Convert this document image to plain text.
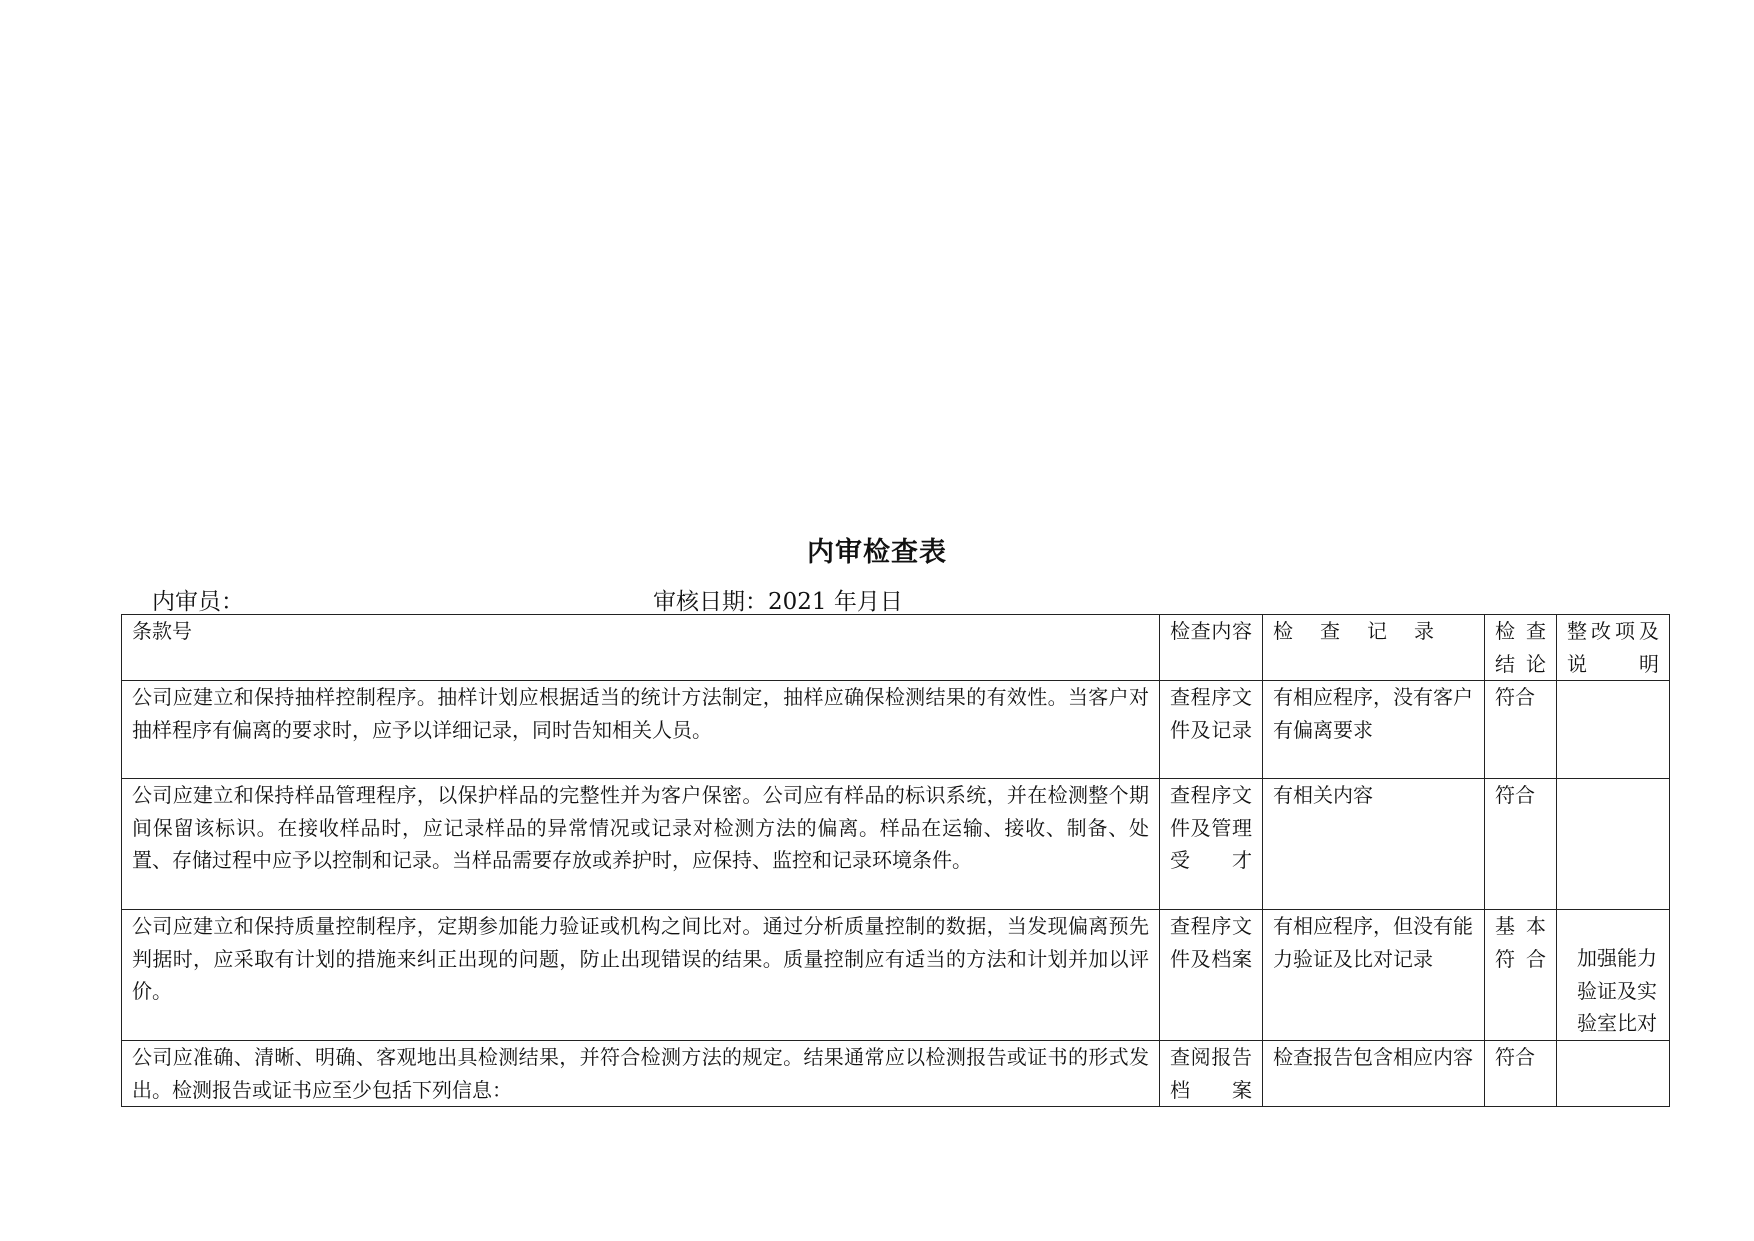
内审检查表
内审员：	审核日期：2021 年月日
条款号	检查内容	检 查 记 录	检查结论	整改项及说明
公司应建立和保持抽样控制程序。抽样计划应根据适当的统计方法制定，抽样应确保检测结果的有效性。当客户对抽样程序有偏离的要求时，应予以详细记录，同时告知相关人员。	查程序文件及记录	有相应程序，没有客户有偏离要求	符合	
公司应建立和保持样品管理程序，以保护样品的完整性并为客户保密。公司应有样品的标识系统，并在检测整个期间保留该标识。在接收样品时，应记录样品的异常情况或记录对检测方法的偏离。样品在运输、接收、制备、处置、存储过程中应予以控制和记录。当样品需要存放或养护时，应保持、监控和记录环境条件。	查程序文件及管理受才	有相关内容	符合	
公司应建立和保持质量控制程序，定期参加能力验证或机构之间比对。通过分析质量控制的数据，当发现偏离预先判据时，应采取有计划的措施来纠正出现的问题，防止出现错误的结果。质量控制应有适当的方法和计划并加以评价。	查程序文件及档案	有相应程序，但没有能力验证及比对记录	基本符合	加强能力验证及实验室比对

公司应准确、清晰、明确、客观地出具检测结果，并符合检测方法的规定。结果通常应以检测报告或证书的形式发出。检测报告或证书应至少包括下列信息：	查阅报告档案	检查报告包含相应内容	符合	
